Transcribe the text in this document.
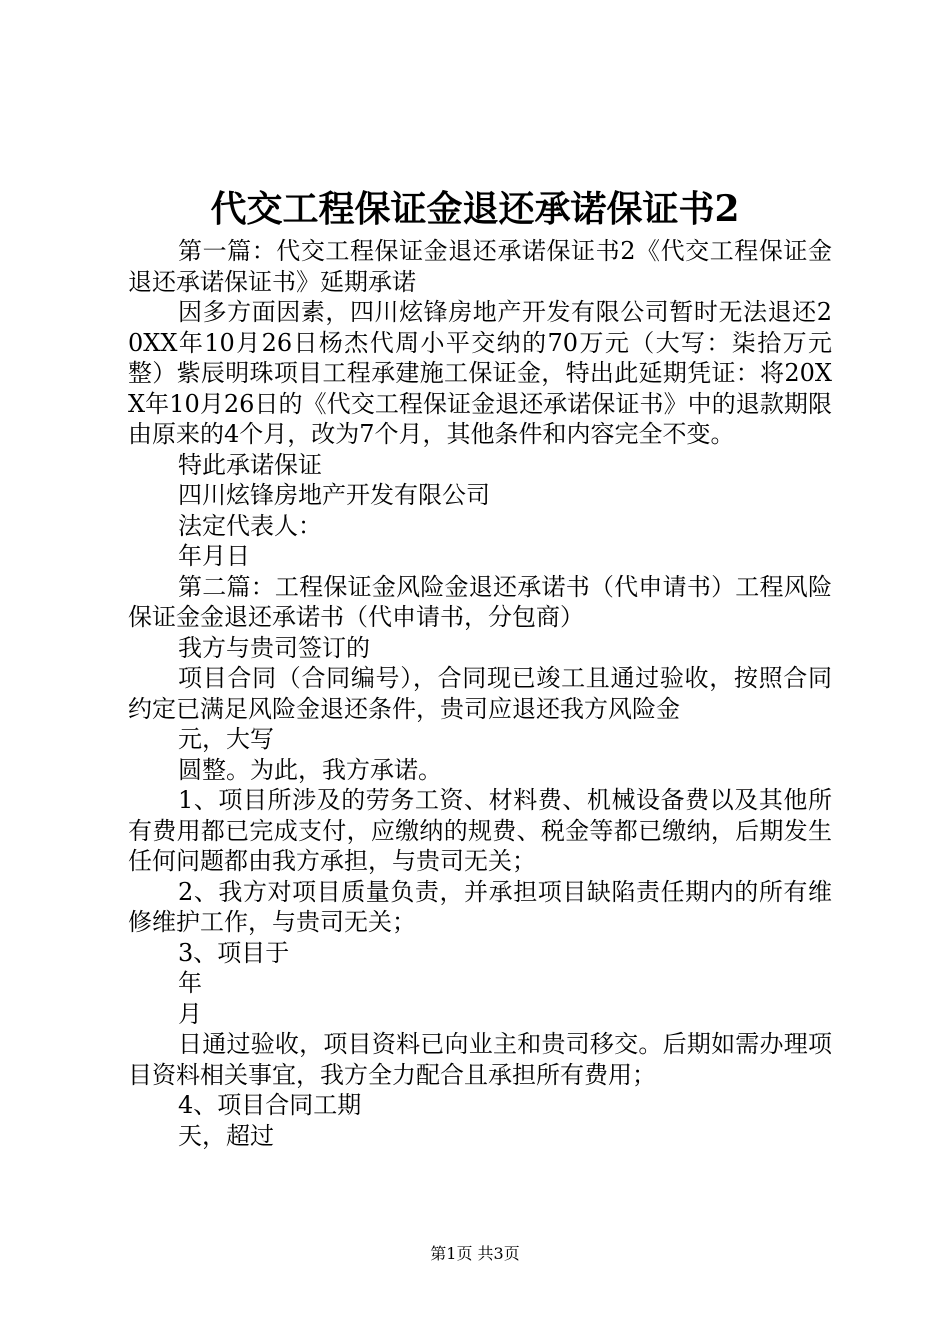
代交工程保证金退还承诺保证书2

第一篇：代交工程保证金退还承诺保证书2《代交工程保证金退还承诺保证书》延期承诺

因多方面因素，四川炫锋房地产开发有限公司暂时无法退还20XX年10月26日杨杰代周小平交纳的70万元（大写：柒拾万元整）紫辰明珠项目工程承建施工保证金，特出此延期凭证：将20XX年10月26日的《代交工程保证金退还承诺保证书》中的退款期限由原来的4个月，改为7个月，其他条件和内容完全不变。

特此承诺保证

四川炫锋房地产开发有限公司

法定代表人：

年月日

第二篇：工程保证金风险金退还承诺书（代申请书）工程风险保证金金退还承诺书（代申请书，分包商）

我方与贵司签订的

项目合同（合同编号），合同现已竣工且通过验收，按照合同约定已满足风险金退还条件，贵司应退还我方风险金

元，大写

圆整。为此，我方承诺。

1、项目所涉及的劳务工资、材料费、机械设备费以及其他所有费用都已完成支付，应缴纳的规费、税金等都已缴纳，后期发生任何问题都由我方承担，与贵司无关；

2、我方对项目质量负责，并承担项目缺陷责任期内的所有维修维护工作，与贵司无关；

3、项目于

年

月

日通过验收，项目资料已向业主和贵司移交。后期如需办理项目资料相关事宜，我方全力配合且承担所有费用；

4、项目合同工期

天，超过

第1页 共3页
